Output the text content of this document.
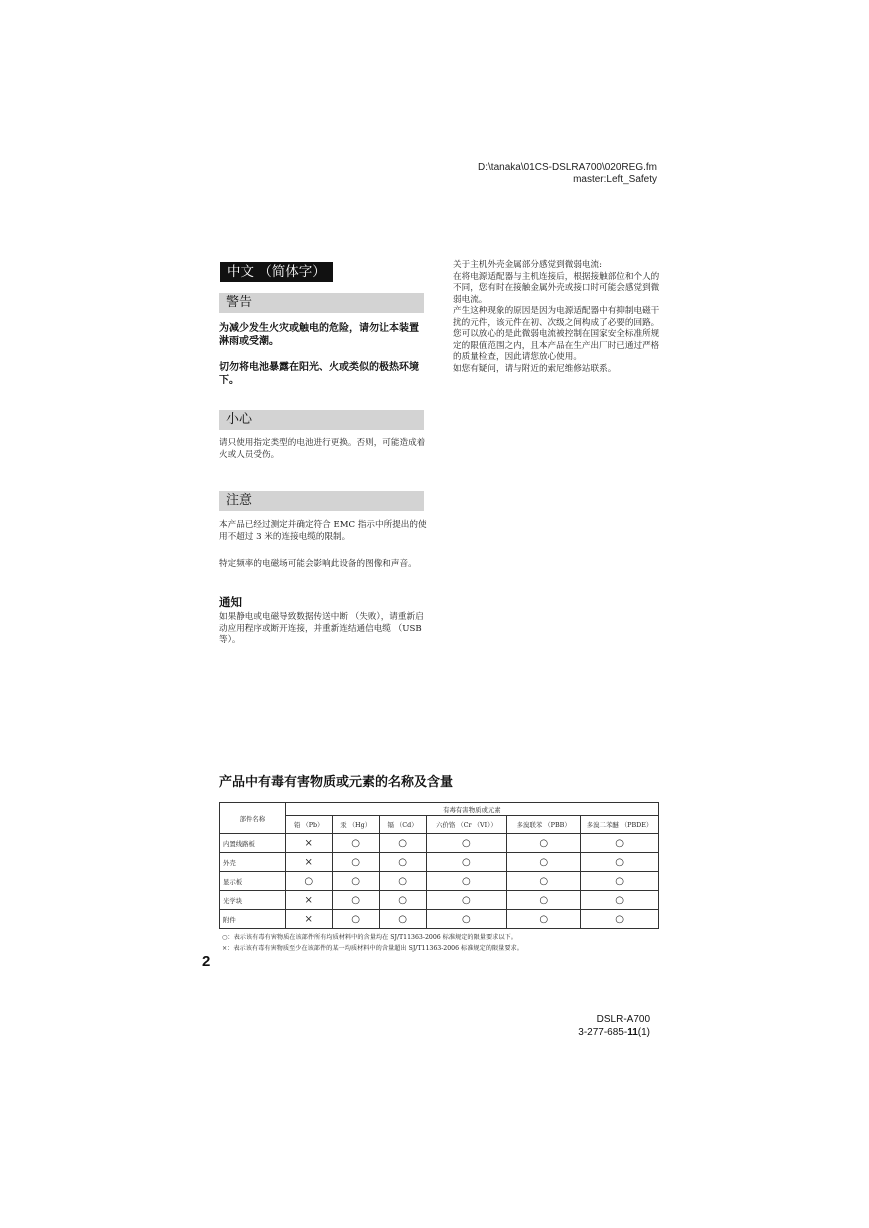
D:\tanaka\01CS-DSLRA700\020REG.fm
master:Left_Safety
中文 （简体字）
警告
为减少发生火灾或触电的危险，请勿让本装置淋雨或受潮。
切勿将电池暴露在阳光、火或类似的极热环境下。
小心
请只使用指定类型的电池进行更换。否则，可能造成着火或人员受伤。
注意
本产品已经过测定并确定符合 EMC 指示中所提出的使用不超过 3 米的连接电缆的限制。
特定频率的电磁场可能会影响此设备的图像和声音。
通知
如果静电或电磁导致数据传送中断 （失败），请重新启动应用程序或断开连接，并重新连结通信电缆 （USB 等）。
关于主机外壳金属部分感觉到微弱电流:
在将电源适配器与主机连接后，根据接触部位和个人的不同，您有时在接触金属外壳或接口时可能会感觉到微弱电流。
产生这种现象的原因是因为电源适配器中有抑制电磁干扰的元件，该元件在初、次级之间构成了必要的回路。
您可以放心的是此微弱电流被控制在国家安全标准所规定的限值范围之内，且本产品在生产出厂时已通过严格的质量检查，因此请您放心使用。
如您有疑问，请与附近的索尼维修站联系。
产品中有毒有害物质或元素的名称及含量
部件名称	有毒有害物质或元素					
	铅 （Pb）	汞 （Hg）	镉 （Cd）	六价铬 （Cr （VI））	多溴联苯 （PBB）	多溴二苯醚 （PBDE）
内置线路板	×	○	○	○	○	○
外壳	×	○	○	○	○	○
显示板	○	○	○	○	○	○
光学块	×	○	○	○	○	○
附件	×	○	○	○	○	○
○：表示该有毒有害物质在该部件所有均质材料中的含量均在 SJ/T11363-2006 标准规定的限量要求以下。
×：表示该有毒有害物质至少在该部件的某一均质材料中的含量超出 SJ/T11363-2006 标准规定的限量要求。
2
DSLR-A700
3-277-685-11(1)
